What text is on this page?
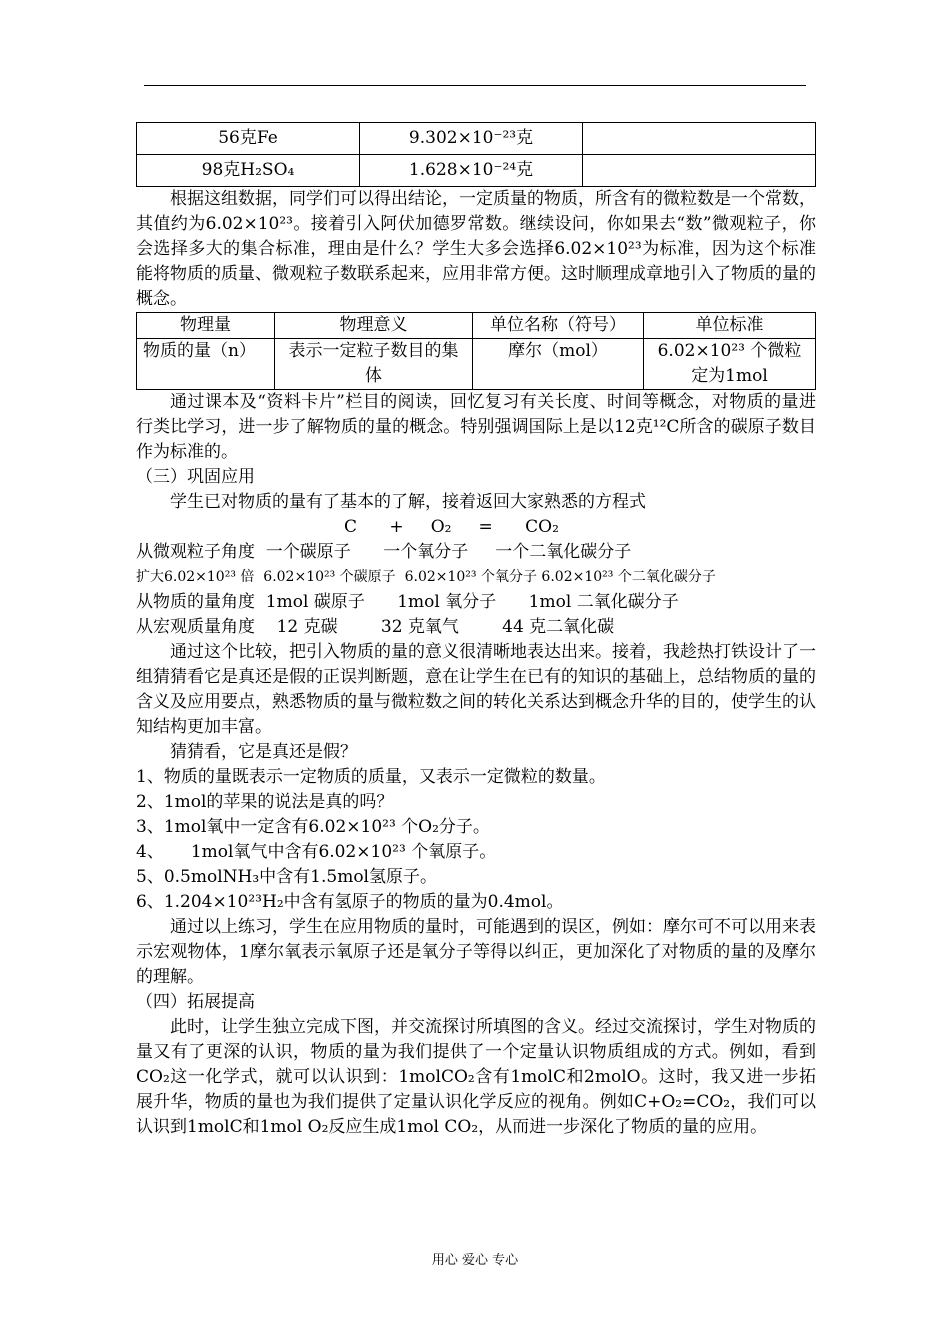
56克Fe	9.302×10⁻²³克	
98克H₂SO₄	1.628×10⁻²⁴克	

根据这组数据，同学们可以得出结论，一定质量的物质，所含有的微粒数是一个常数，其值约为6.02×10²³。接着引入阿伏加德罗常数。继续设问，你如果去“数”微观粒子，你会选择多大的集合标准，理由是什么？学生大多会选择6.02×10²³为标准，因为这个标准能将物质的质量、微观粒子数联系起来，应用非常方便。这时顺理成章地引入了物质的量的概念。

物理量	物理意义	单位名称（符号）	单位标准
物质的量（n）	表示一定粒子数目的集体	摩尔（mol）	6.02×10²³ 个微粒定为1mol

通过课本及“资料卡片”栏目的阅读，回忆复习有关长度、时间等概念，对物质的量进行类比学习，进一步了解物质的量的概念。特别强调国际上是以12克¹²C所含的碳原子数目作为标准的。

（三）巩固应用

学生已对物质的量有了基本的了解，接着返回大家熟悉的方程式

C      +     O₂     =      CO₂

从微观粒子角度  一个碳原子      一个氧分子     一个二氧化碳分子

扩大6.02×10²³ 倍  6.02×10²³ 个碳原子  6.02×10²³ 个氧分子 6.02×10²³ 个二氧化碳分子

从物质的量角度  1mol 碳原子      1mol 氧分子      1mol 二氧化碳分子

从宏观质量角度    12 克碳        32 克氧气        44 克二氧化碳

通过这个比较，把引入物质的量的意义很清晰地表达出来。接着，我趁热打铁设计了一组猜猜看它是真还是假的正误判断题，意在让学生在已有的知识的基础上，总结物质的量的含义及应用要点，熟悉物质的量与微粒数之间的转化关系达到概念升华的目的，使学生的认知结构更加丰富。

猜猜看，它是真还是假？

1、物质的量既表示一定物质的质量，又表示一定微粒的数量。

2、1mol的苹果的说法是真的吗？

3、1mol氧中一定含有6.02×10²³ 个O₂分子。

4、     1mol氧气中含有6.02×10²³ 个氧原子。

5、0.5molNH₃中含有1.5mol氢原子。

6、1.204×10²³H₂中含有氢原子的物质的量为0.4mol。

通过以上练习，学生在应用物质的量时，可能遇到的误区，例如：摩尔可不可以用来表示宏观物体，1摩尔氧表示氧原子还是氧分子等得以纠正，更加深化了对物质的量的及摩尔的理解。

（四）拓展提高

此时，让学生独立完成下图，并交流探讨所填图的含义。经过交流探讨，学生对物质的量又有了更深的认识，物质的量为我们提供了一个定量认识物质组成的方式。例如，看到CO₂这一化学式，就可以认识到：1molCO₂含有1molC和2molO。这时，我又进一步拓展升华，物质的量也为我们提供了定量认识化学反应的视角。例如C+O₂=CO₂，我们可以认识到1molC和1mol O₂反应生成1mol CO₂，从而进一步深化了物质的量的应用。

用心 爱心 专心
